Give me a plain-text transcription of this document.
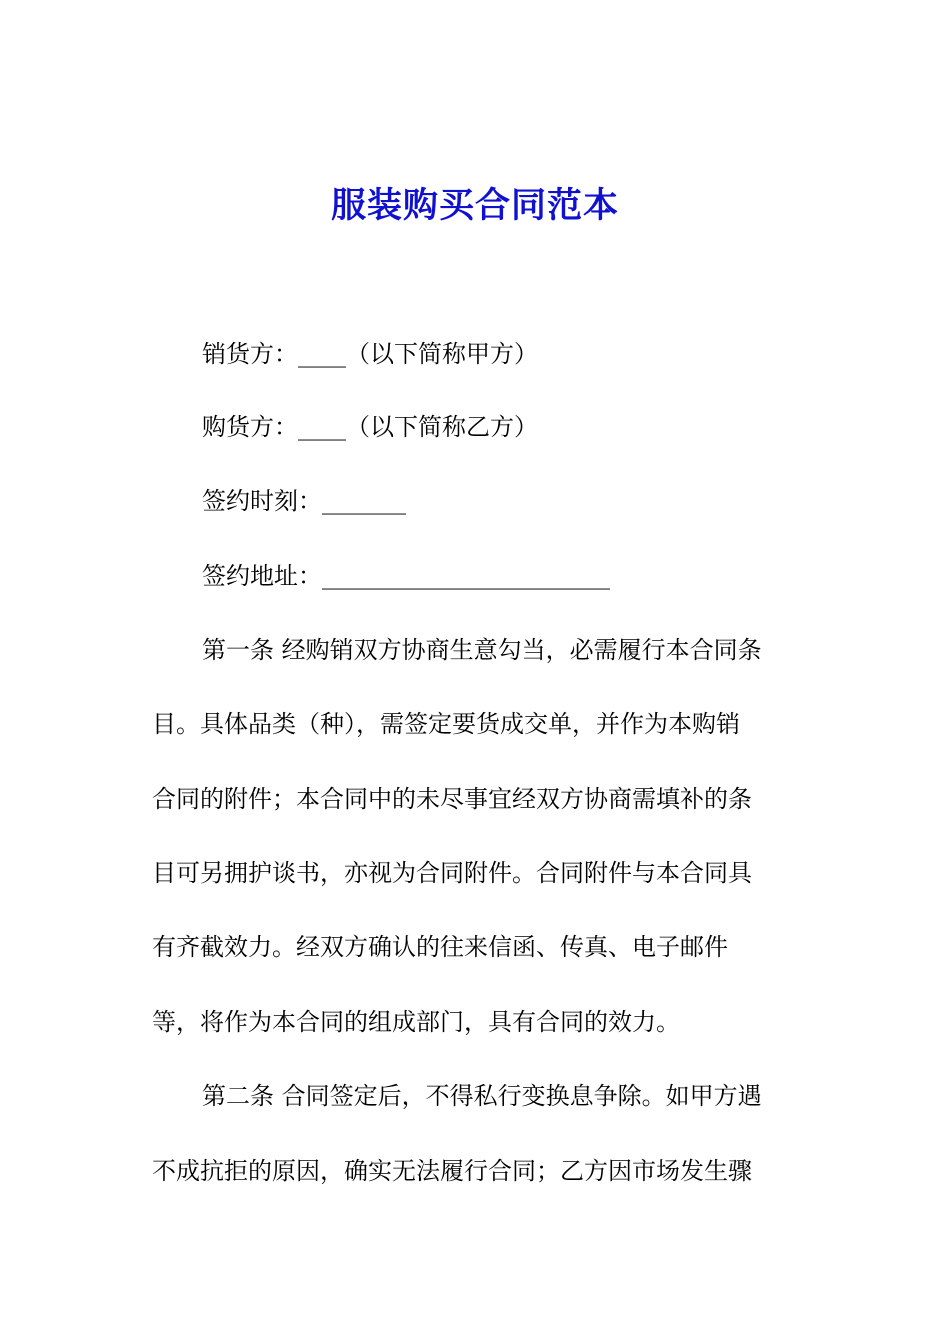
服装购买合同范本
销货方：____（以下简称甲方）
购货方：____（以下简称乙方）
签约时刻：_______
签约地址：________________________
第一条 经购销双方协商生意勾当，必需履行本合同条
目。具体品类（种），需签定要货成交单，并作为本购销
合同的附件；本合同中的未尽事宜经双方协商需填补的条
目可另拥护谈书，亦视为合同附件。合同附件与本合同具
有齐截效力。经双方确认的往来信函、传真、电子邮件
等，将作为本合同的组成部门，具有合同的效力。
第二条 合同签定后，不得私行变换息争除。如甲方遇
不成抗拒的原因，确实无法履行合同；乙方因市场发生骤
